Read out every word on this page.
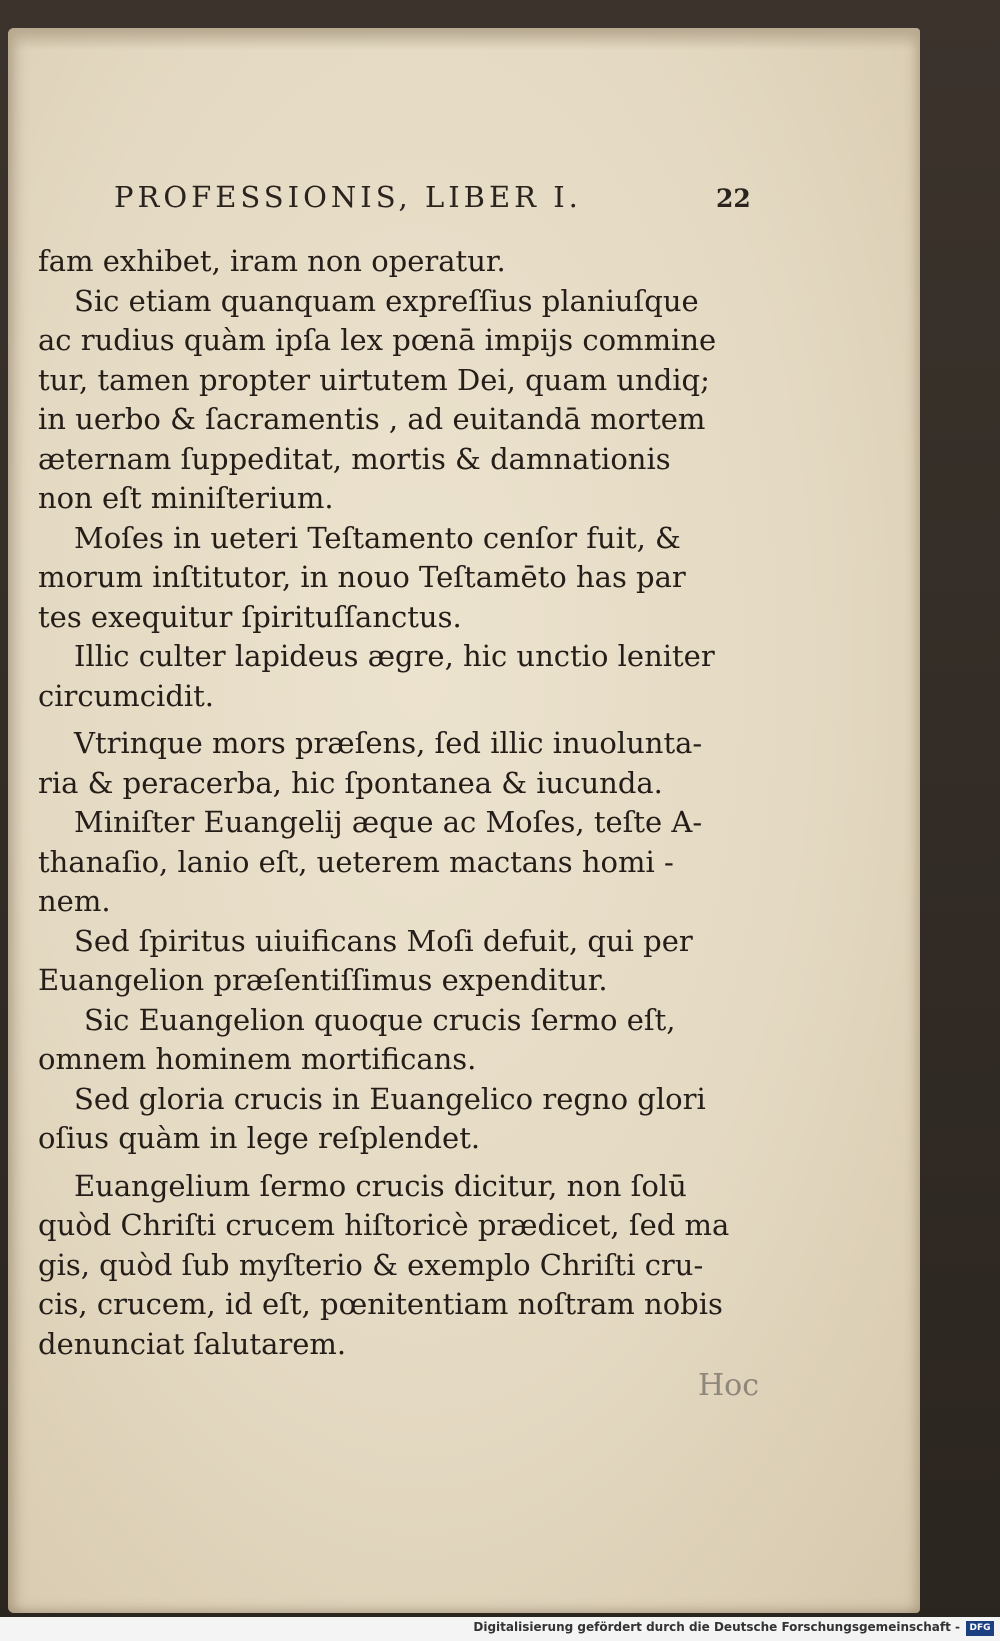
PROFESSIONIS, LIBER I.	22
fam exhibet, iram non operatur.
Sic etiam quanquam expreſſius planiuſque
ac rudius quàm ipſa lex pœnā impijs commine
tur, tamen propter uirtutem Dei, quam undiq;
in uerbo & ſacramentis , ad euitandā mortem
æternam ſuppeditat, mortis & damnationis
non eſt miniſterium.
Moſes in ueteri Teſtamento cenſor fuit, &
morum inſtitutor, in nouo Teſtamēto has par
tes exequitur ſpirituſſanctus.
Illic culter lapideus ægre, hic unctio leniter
circumcidit.
Vtrinque mors præſens, ſed illic inuolunta-
ria & peracerba, hic ſpontanea & iucunda.
Miniſter Euangelij æque ac Moſes, teſte A-
thanaſio, lanio eſt, ueterem mactans homi -
nem.
Sed ſpiritus uiuificans Moſi defuit, qui per
Euangelion præſentiſſimus expenditur.
Sic Euangelion quoque crucis ſermo eſt,
omnem hominem mortificans.
Sed gloria crucis in Euangelico regno glori
oſius quàm in lege reſplendet.
Euangelium ſermo crucis dicitur, non ſolū
quòd Chriſti crucem hiſtoricè prædicet, ſed ma
gis, quòd ſub myſterio & exemplo Chriſti cru-
cis, crucem, id eſt, pœnitentiam noſtram nobis
denunciat ſalutarem.
Hoc
Digitalisierung gefördert durch die Deutsche Forschungsgemeinschaft -	DFG
